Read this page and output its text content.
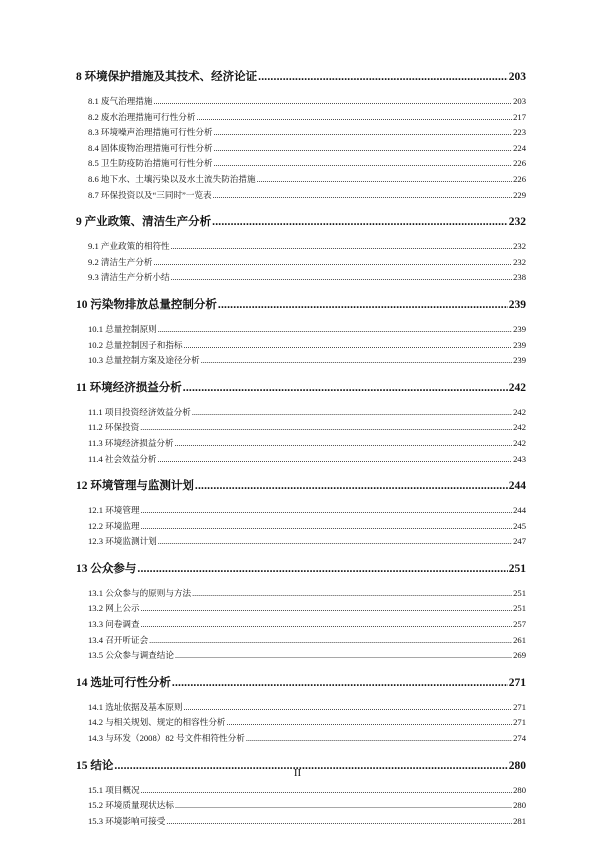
8 环境保护措施及其技术、经济论证 .....	203
8.1 废气治理措施 .....	203
8.2 废水治理措施可行性分析 .....	217
8.3 环境噪声治理措施可行性分析 .....	223
8.4 固体废物治理措施可行性分析 .....	224
8.5 卫生防疫防治措施可行性分析 .....	226
8.6 地下水、土壤污染以及水土流失防治措施 .....	226
8.7 环保投资以及“三同时”一览表 .....	229
9 产业政策、清洁生产分析 .....	232
9.1 产业政策的相符性 .....	232
9.2 清洁生产分析 .....	232
9.3 清洁生产分析小结 .....	238
10 污染物排放总量控制分析 .....	239
10.1 总量控制原则 .....	239
10.2 总量控制因子和指标 .....	239
10.3 总量控制方案及途径分析 .....	239
11 环境经济损益分析 .....	242
11.1 项目投资经济效益分析 .....	242
11.2 环保投资 .....	242
11.3 环境经济损益分析 .....	242
11.4 社会效益分析 .....	243
12 环境管理与监测计划 .....	244
12.1 环境管理 .....	244
12.2 环境监理 .....	245
12.3 环境监测计划 .....	247
13 公众参与 .....	251
13.1 公众参与的原则与方法 .....	251
13.2 网上公示 .....	251
13.3 问卷调查 .....	257
13.4 召开听证会 .....	261
13.5 公众参与调查结论 .....	269
14 选址可行性分析 .....	271
14.1 选址依据及基本原则 .....	271
14.2 与相关规划、规定的相容性分析 .....	271
14.3 与环发（2008）82 号文件相符性分析 .....	274
15 结论 .....	280
15.1 项目概况 .....	280
15.2 环境质量现状达标 .....	280
15.3 环境影响可接受 .....	281
II
